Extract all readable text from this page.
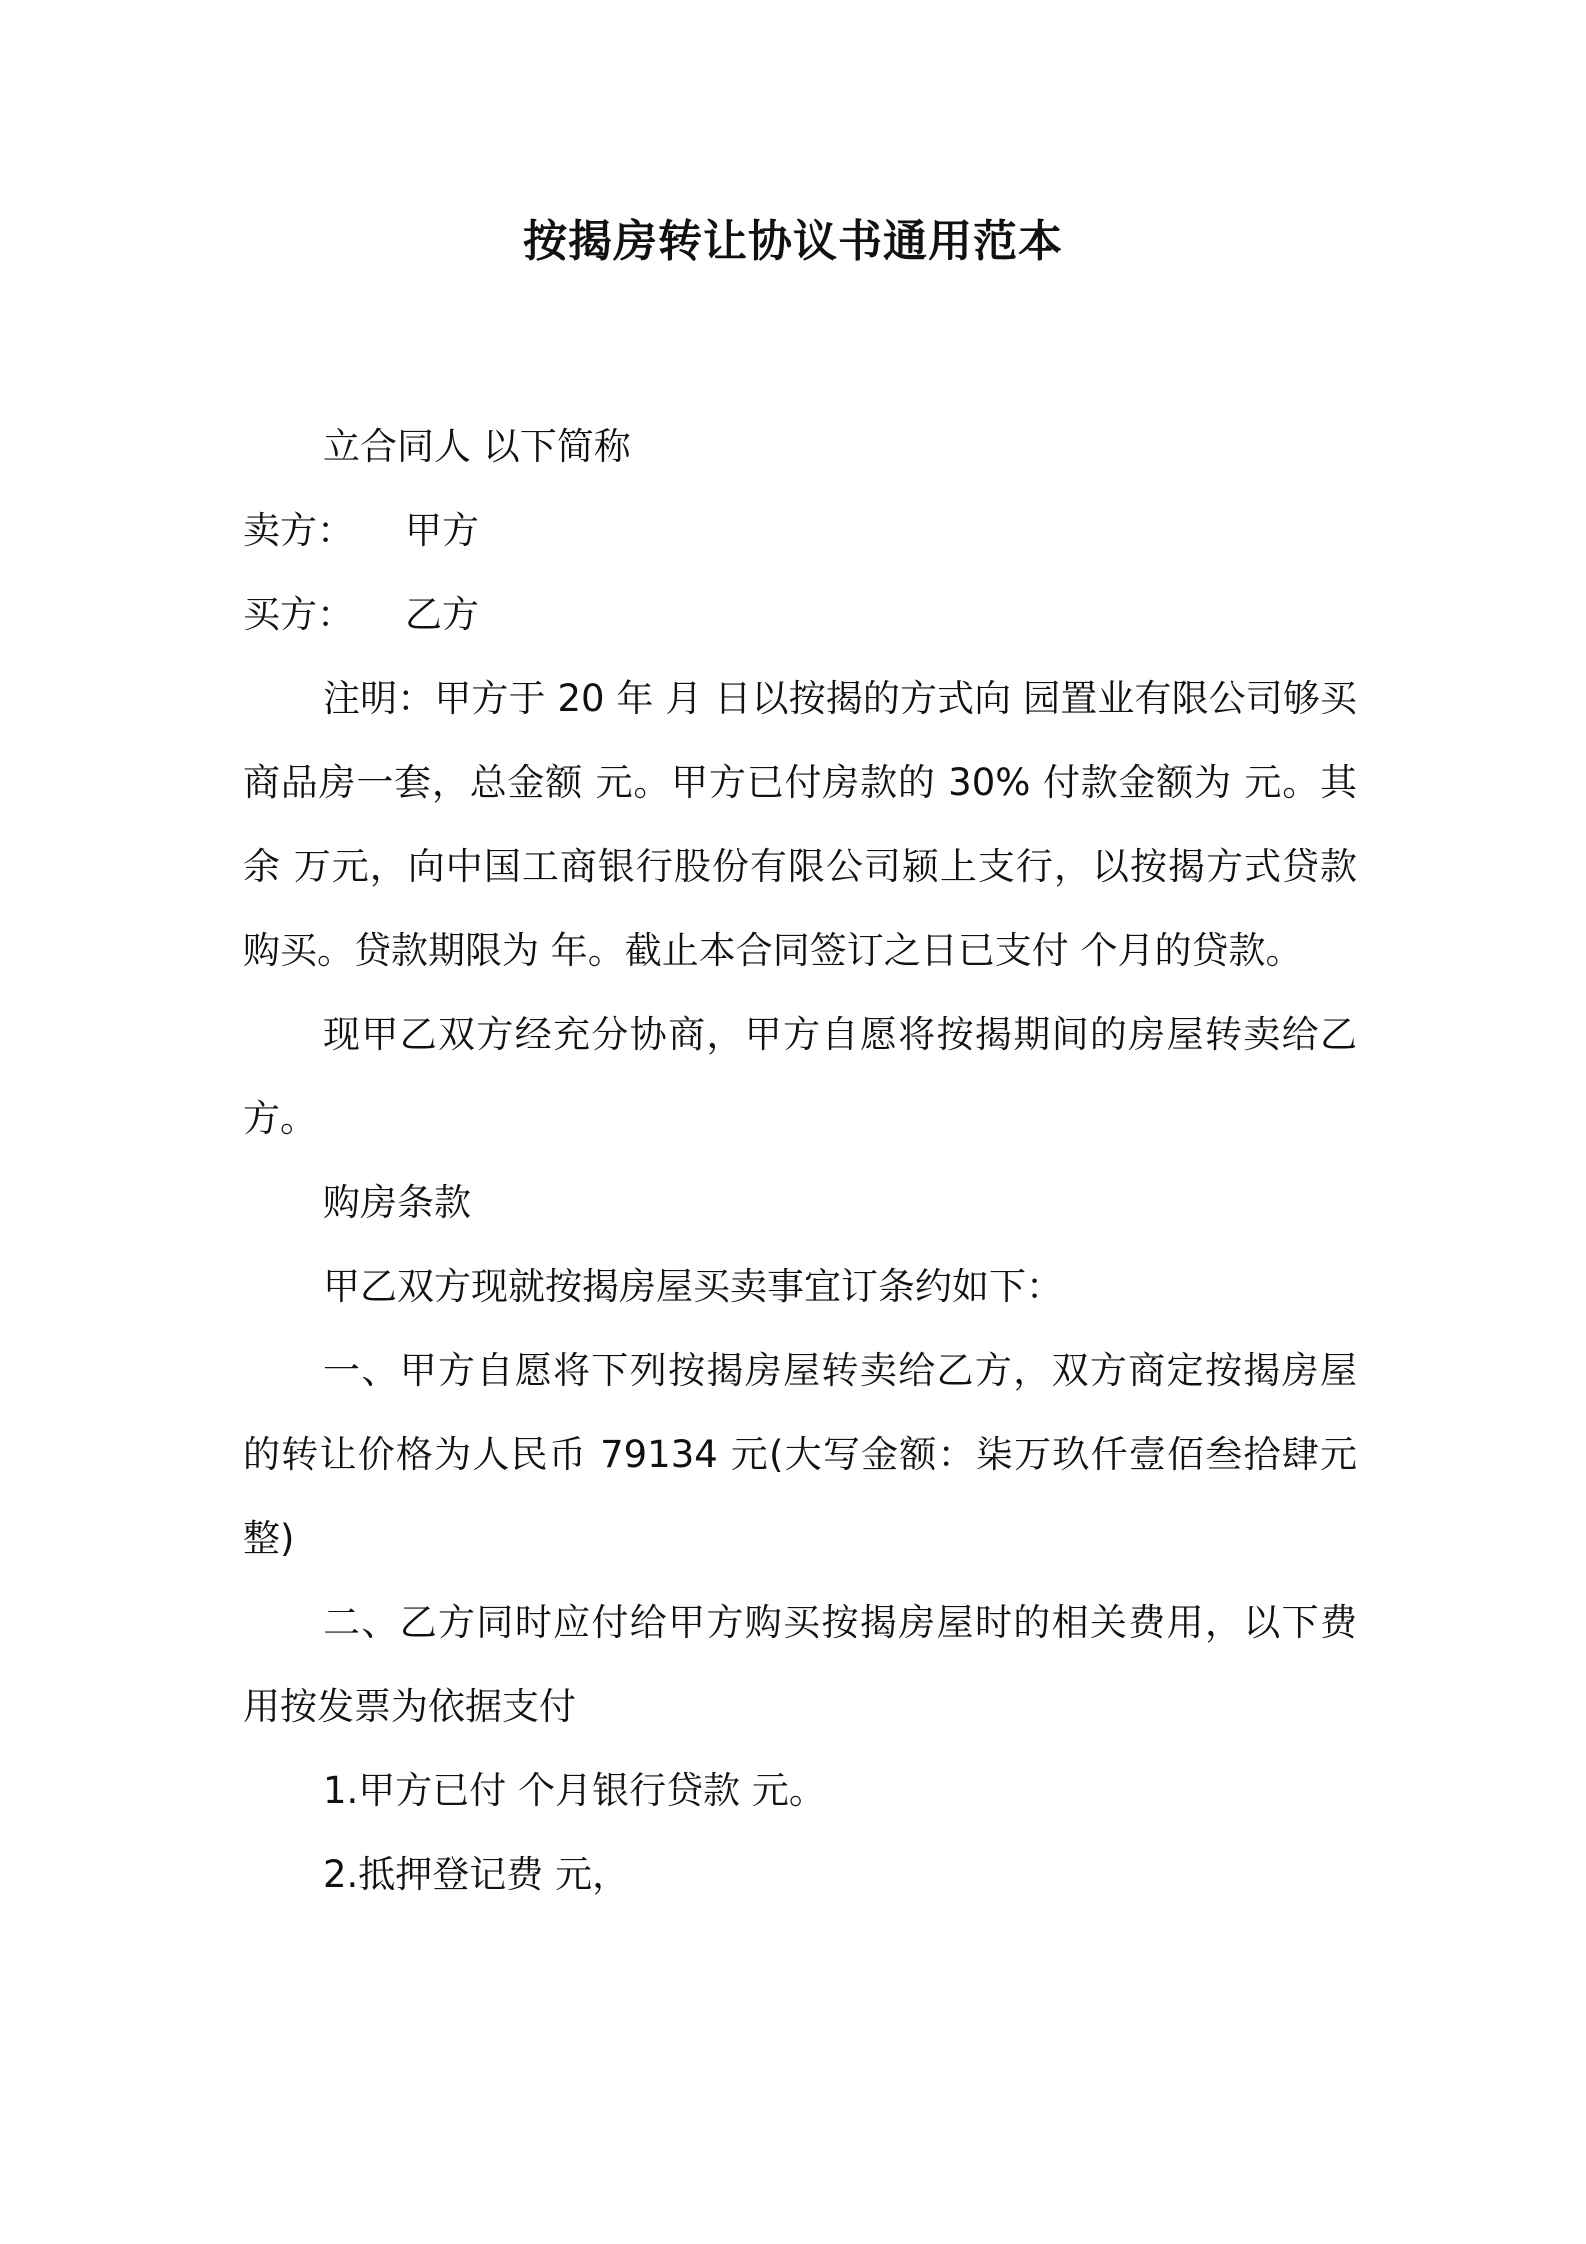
按揭房转让协议书通用范本

立合同人 以下简称

卖方： 甲方

买方： 乙方

注明：甲方于 20 年 月 日以按揭的方式向 园置业有限公司够买商品房一套，总金额 元。甲方已付房款的 30% 付款金额为 元。其余 万元，向中国工商银行股份有限公司颍上支行，以按揭方式贷款购买。贷款期限为 年。截止本合同签订之日已支付 个月的贷款。

现甲乙双方经充分协商，甲方自愿将按揭期间的房屋转卖给乙方。

购房条款

甲乙双方现就按揭房屋买卖事宜订条约如下：

一、甲方自愿将下列按揭房屋转卖给乙方，双方商定按揭房屋的转让价格为人民币 79134 元(大写金额：柒万玖仟壹佰叁拾肆元整)

二、乙方同时应付给甲方购买按揭房屋时的相关费用，以下费用按发票为依据支付

1.甲方已付 个月银行贷款 元。

2.抵押登记费 元，
